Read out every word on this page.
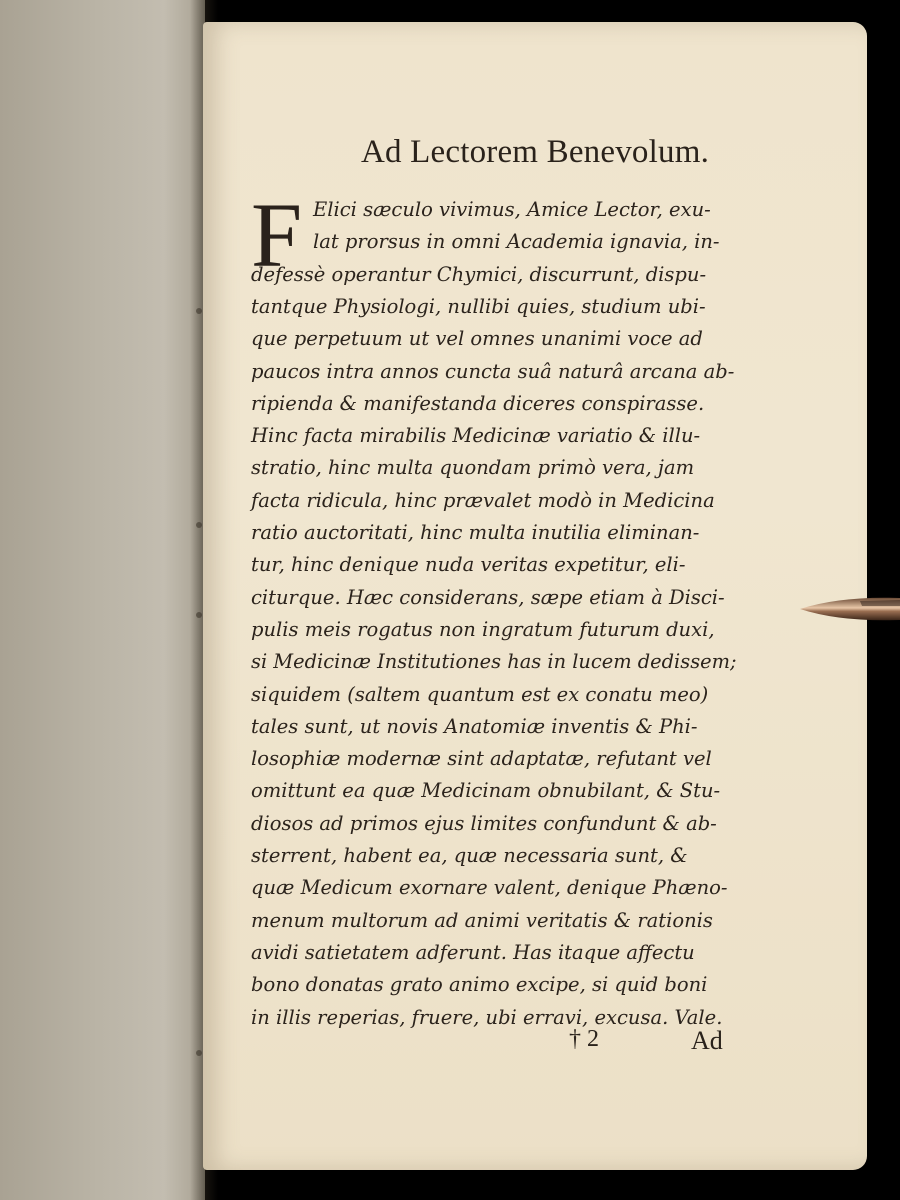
Ad Lectorem Benevolum.
F Elici sæculo vivimus, Amice Lector, exu-
lat prorsus in omni Academia ignavia, in-
defessè operantur Chymici, discurrunt, dispu-
tantque Physiologi, nullibi quies, studium ubi-
que perpetuum ut vel omnes unanimi voce ad
paucos intra annos cuncta suâ naturâ arcana ab-
ripienda & manifestanda diceres conspirasse.
Hinc facta mirabilis Medicinæ variatio & illu-
stratio, hinc multa quondam primò vera, jam
facta ridicula, hinc prævalet modò in Medicina
ratio auctoritati, hinc multa inutilia eliminan-
tur, hinc denique nuda veritas expetitur, eli-
citurque. Hæc considerans, sæpe etiam à Disci-
pulis meis rogatus non ingratum futurum duxi,
si Medicinæ Institutiones has in lucem dedissem;
siquidem (saltem quantum est ex conatu meo)
tales sunt, ut novis Anatomiæ inventis & Phi-
losophiæ modernæ sint adaptatæ, refutant vel
omittunt ea quæ Medicinam obnubilant, & Stu-
diosos ad primos ejus limites confundunt & ab-
sterrent, habent ea, quæ necessaria sunt, &
quæ Medicum exornare valent, denique Phæno-
menum multorum ad animi veritatis & rationis
avidi satietatem adferunt. Has itaque affectu
bono donatas grato animo excipe, si quid boni
in illis reperias, fruere, ubi erravi, excusa. Vale.
† 2	Ad
